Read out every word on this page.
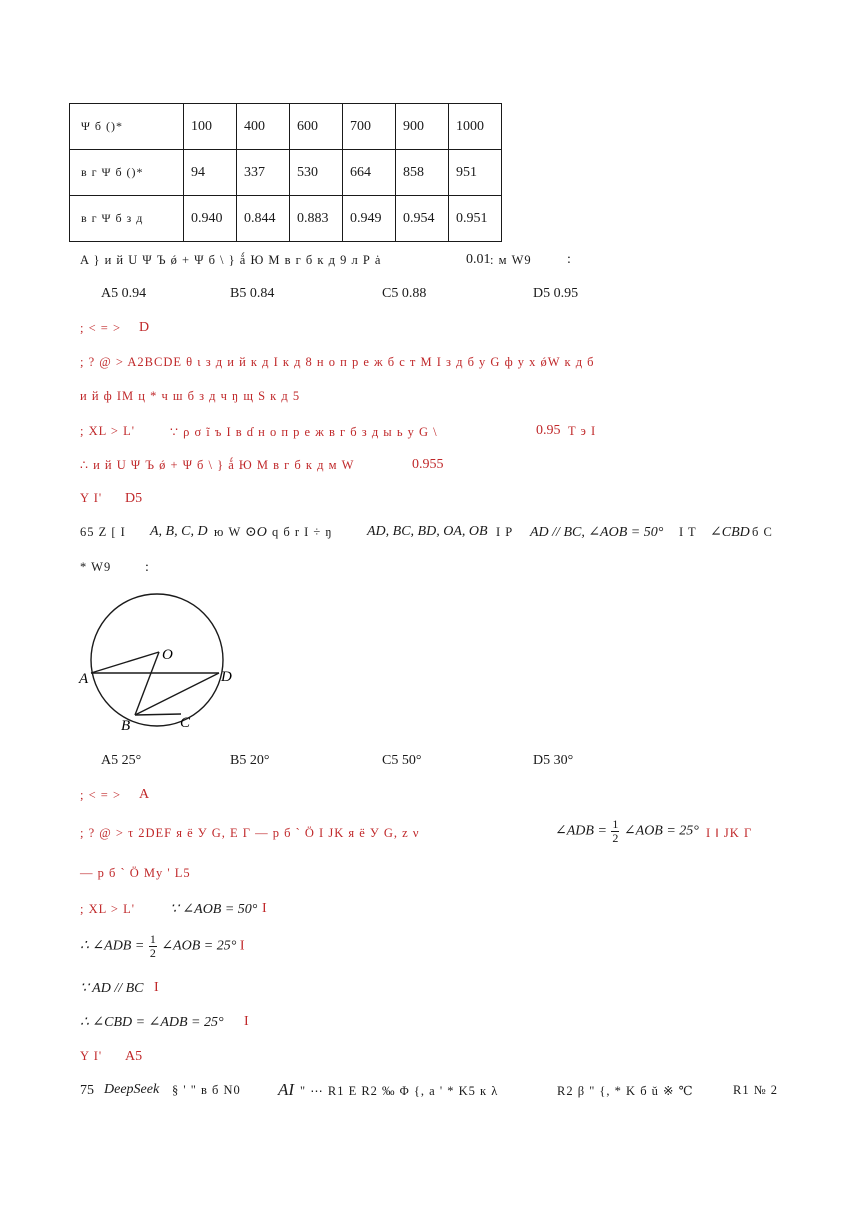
Ψ б ()*	100	400	600	700	900	1000
в г Ψ б ()*	94	337	530	664	858	951
в г Ψ б з д	0.940	0.844	0.883	0.949	0.954	0.951
A } и й U Ψ Ъ ǿ + Ψ б \ } ǻ Ю М в г б к д 9 л Р ȧ	0.01 : м W9	:
A5 0.94	B5 0.84	C5 0.88	D5 0.95
; < = > D
; ? @ > A2BCDE θ ι з д и й к д I к д 8 н о п р е ж б с т М I з д б у G ф у х ǿW к д б
и й ф IM ц * ч ш б з д ч ŋ щ S к д 5
; XL > L'	∵ ρ σ ĩ ъ I в ɗ н о п р е ж в г б з д ы ь у G \	0.95 T э I
∴ и й U Ψ Ъ ǿ + Ψ б \ } ǻ Ю М в г б к д м W	0.955
Y I' D5
65 Z [ I A, B, C, D ю W ⊙O q б r I ÷ ŋ AD, BC, BD, OA, OB I P AD // BC, ∠AOB = 50° I T ∠CBD б C
* W9 :
O
A	D
B	C
A5 25°	B5 20°	C5 50°	D5 30°
; < = > A
; ? @ > τ 2DEF я ё У G, Е Г — р б ` Ӧ I JK я ё У G, z ν	∠ADB = $\frac{1}{2}$ ∠AOB = 25° I ‖ JK Г
— р б ` Ӧ My ' L5
; XL > L'	∵ ∠AOB = 50° I
∴ ∠ADB = $\frac{1}{2}$ ∠AOB = 25° I
∵ AD // BC I
∴ ∠CBD = ∠ADB = 25° I
Y I' A5
75 DeepSeek § ' " в б N0 AI " ⋯ R1 Е R2 ‰ Φ {, a ' * K5 к λ	R2 β " {, * K б ǔ ※ ℃	R1 № 2
